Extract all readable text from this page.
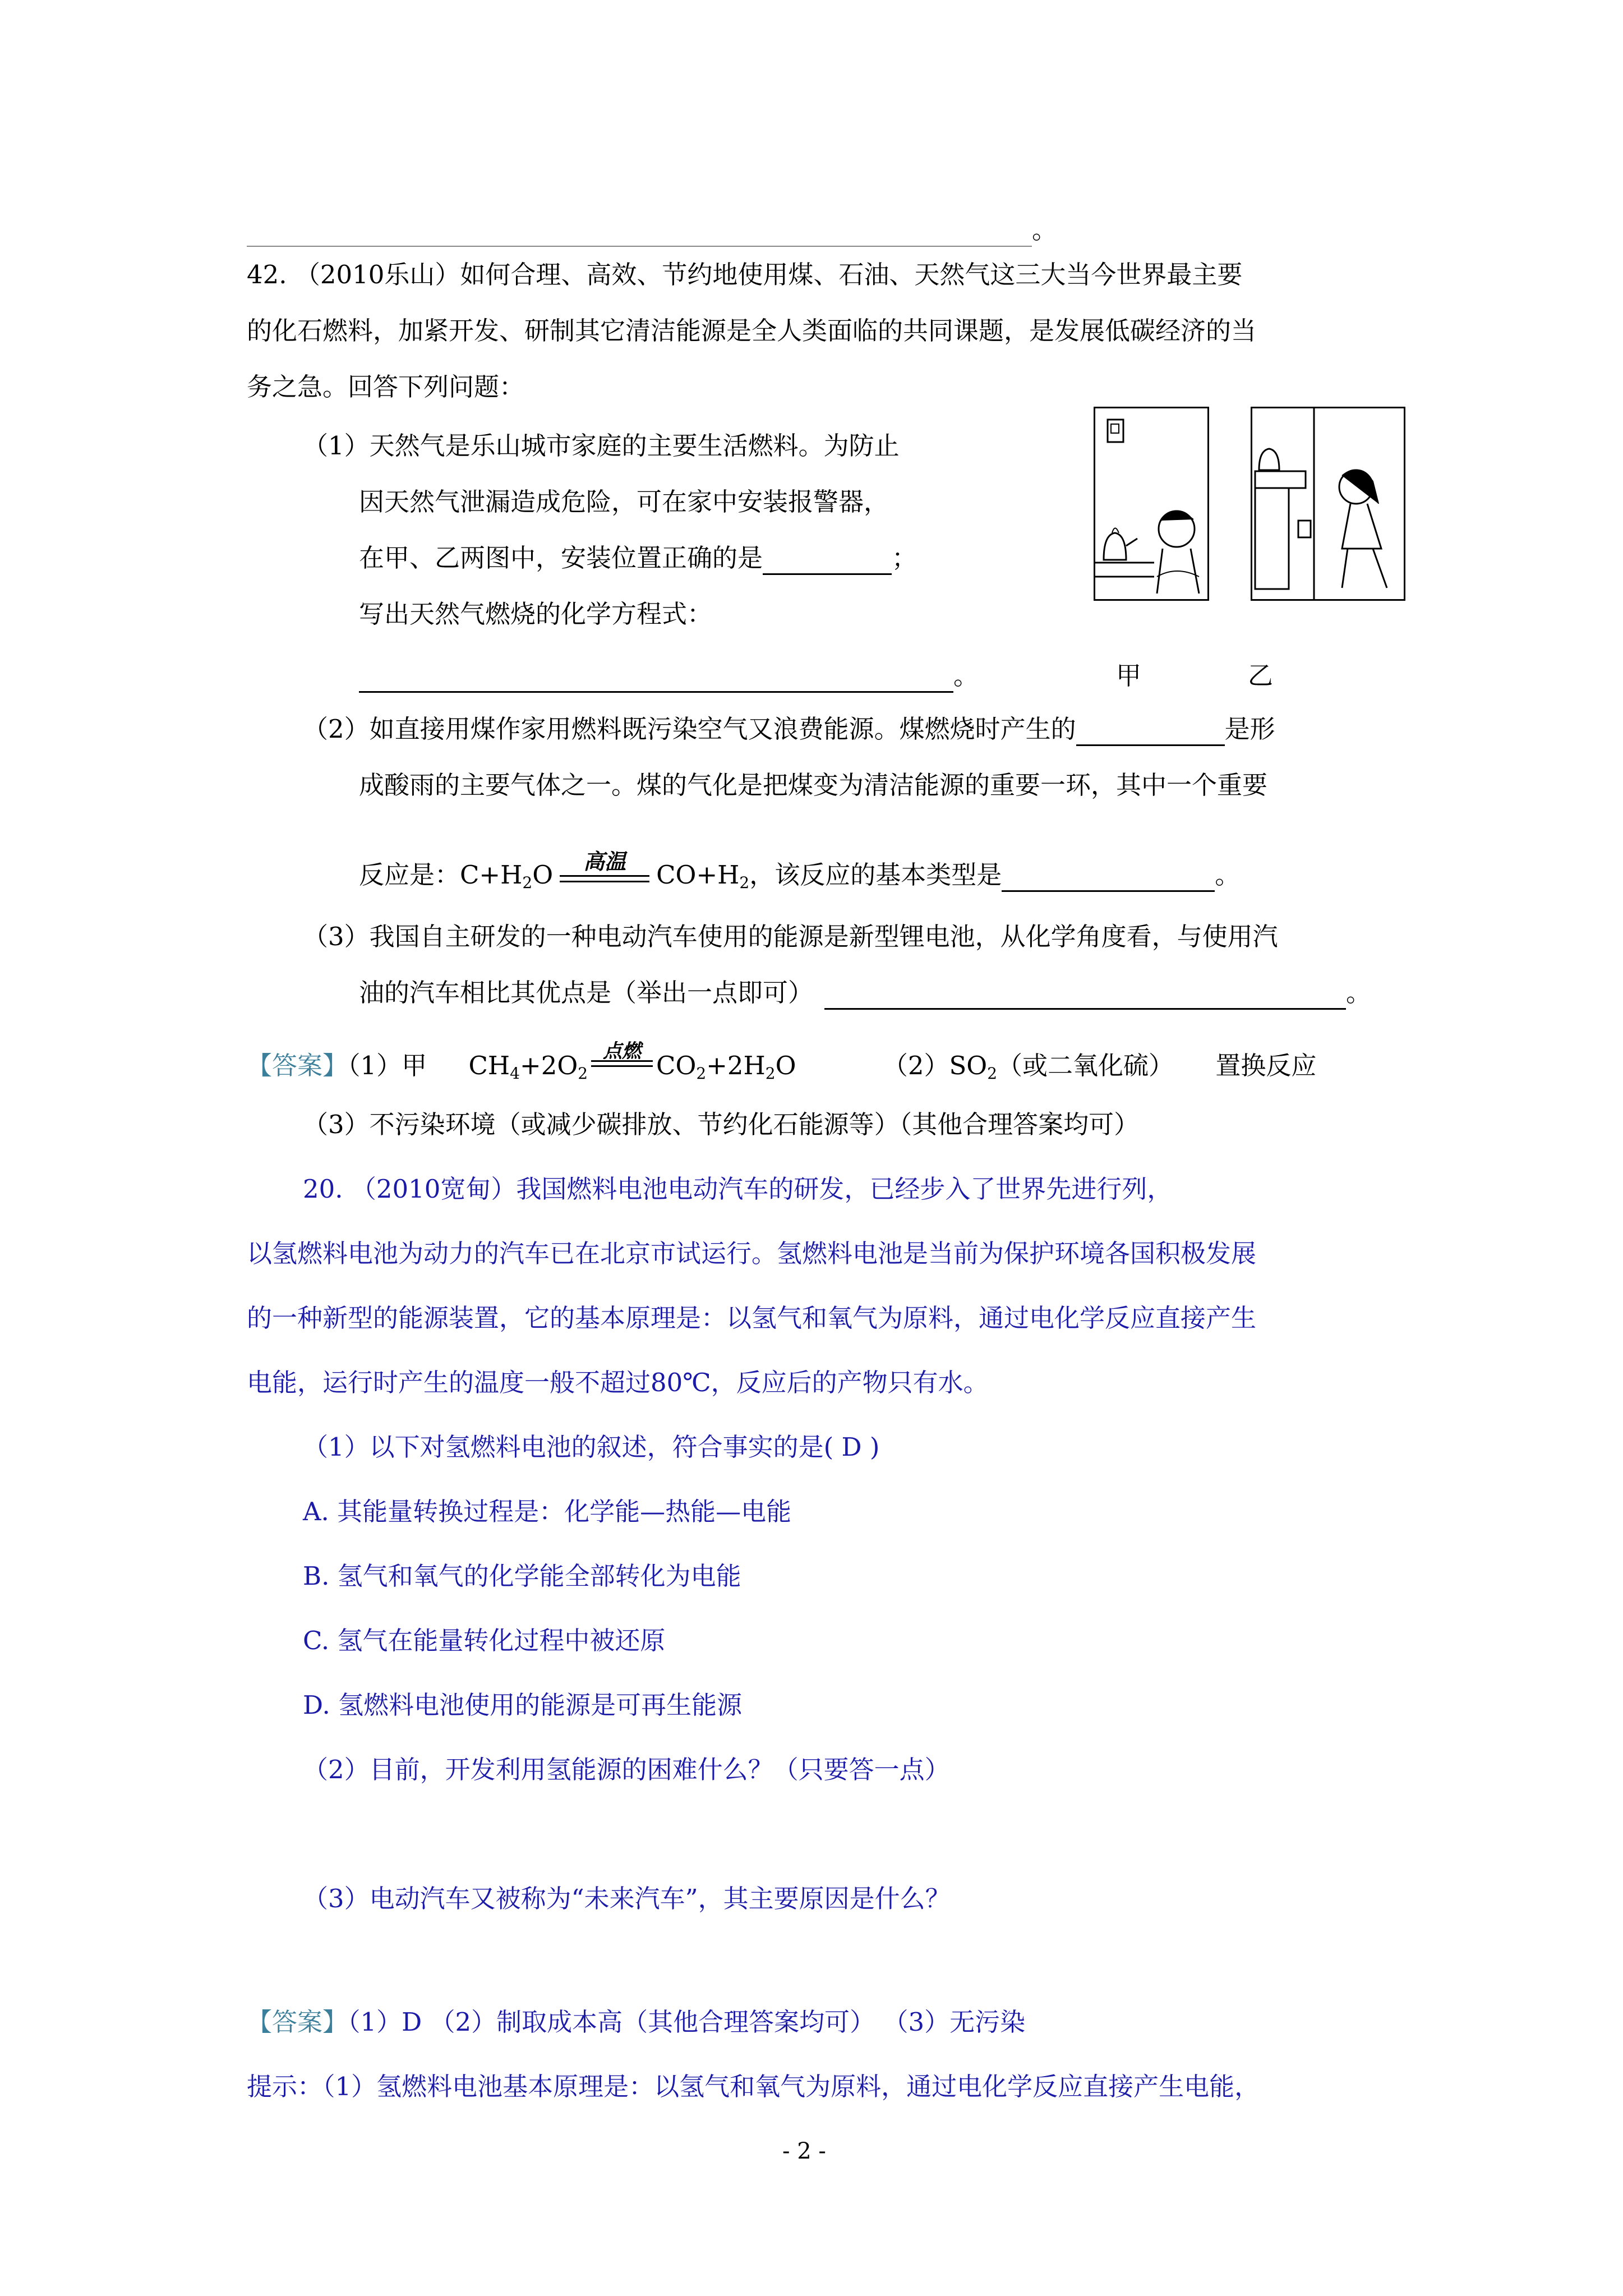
。
42. （2010乐山）如何合理、高效、节约地使用煤、石油、天然气这三大当今世界最主要
的化石燃料，加紧开发、研制其它清洁能源是全人类面临的共同课题，是发展低碳经济的当
务之急。回答下列问题：
（1）天然气是乐山城市家庭的主要生活燃料。为防止
因天然气泄漏造成危险，可在家中安装报警器，
在甲、乙两图中，安装位置正确的是	；
写出天然气燃烧的化学方程式：
。	甲	乙
（2）如直接用煤作家用燃料既污染空气又浪费能源。煤燃烧时产生的	是形
成酸雨的主要气体之一。煤的气化是把煤变为清洁能源的重要一环，其中一个重要
反应是：$C+H_2O$	高温	$CO+H_2$，该反应的基本类型是	。
（3）我国自主研发的一种电动汽车使用的能源是新型锂电池，从化学角度看，与使用汽
油的汽车相比其优点是（举出一点即可）	。
【答案】（1）甲 $CH_4+2O_2$
点燃 $CO_2+2H_2O$	$(2)SO_2$（或二氧化硫） 置换反应
（3）不污染环境（或减少碳排放、节约化石能源等）（其他合理答案均可）
20. （2010宽甸）我国燃料电池电动汽车的研发，已经步入了世界先进行列，
以氢燃料电池为动力的汽车已在北京市试运行。氢燃料电池是当前为保护环境各国积极发展
的一种新型的能源装置，它的基本原理是：以氢气和氧气为原料，通过电化学反应直接产生
电能，运行时产生的温度一般不超过80℃，反应后的产物只有水。
（1）以下对氢燃料电池的叙述，符合事实的是( D )
A. 其能量转换过程是：化学能—热能—电能
B. 氢气和氧气的化学能全部转化为电能
C. 氢气在能量转化过程中被还原
D. 氢燃料电池使用的能源是可再生能源
（2）目前，开发利用氢能源的困难什么？（只要答一点）
（3）电动汽车又被称为“未来汽车”，其主要原因是什么？
【答案】（1）D （2）制取成本高（其他合理答案均可） （3）无污染
提示：（1）氢燃料电池基本原理是：以氢气和氧气为原料，通过电化学反应直接产生电能，
- 2 -
